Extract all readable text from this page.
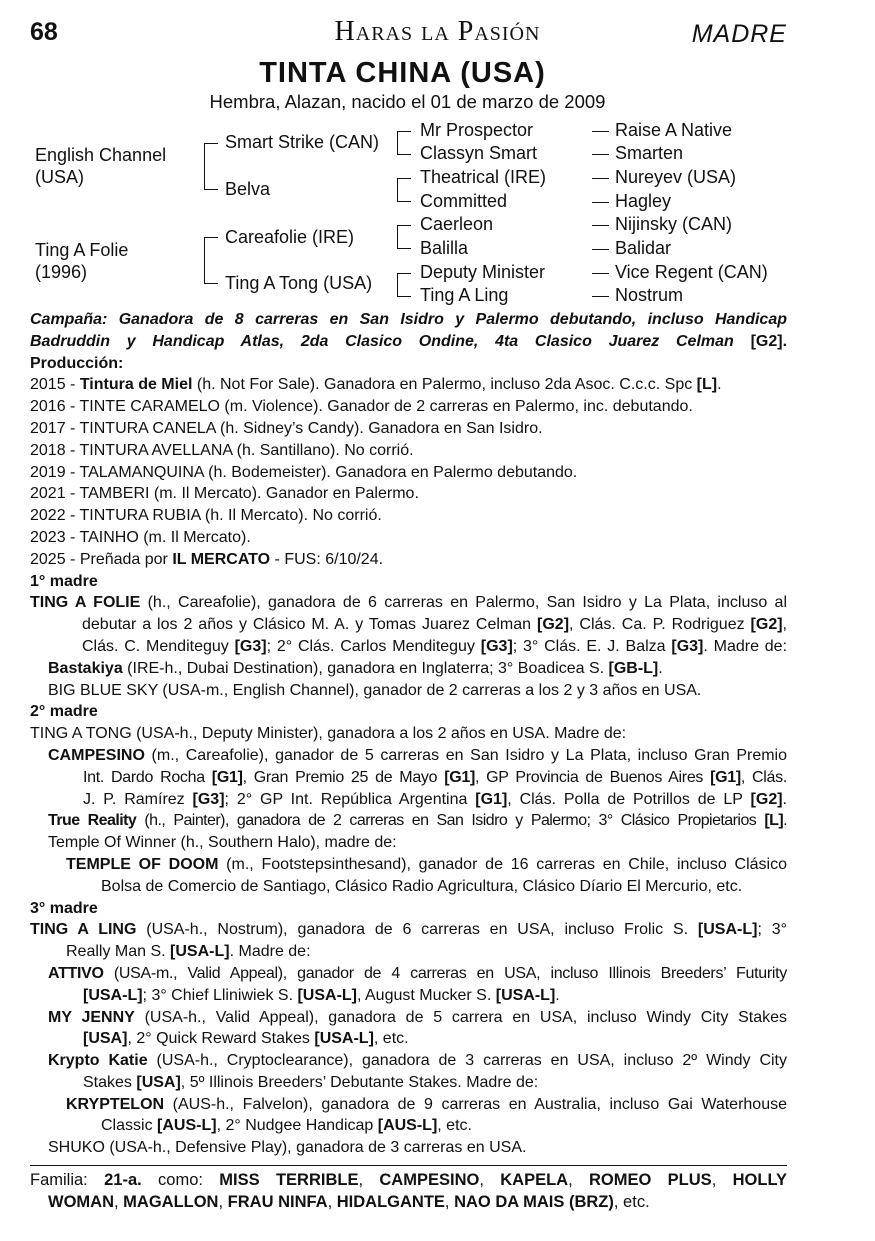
68	Haras la Pasión	MADRE
TINTA CHINA (USA)
Hembra, Alazan, nacido el 01 de marzo de 2009
English Channel
(USA)
Ting A Folie
(1996)
Smart Strike (CAN)
Belva
Careafolie (IRE)
Ting A Tong (USA)
Mr Prospector
Classyn Smart
Theatrical (IRE)
Committed
Caerleon
Balilla
Deputy Minister
Ting A Ling
Raise A Native
Smarten
Nureyev (USA)
Hagley
Nijinsky (CAN)
Balidar
Vice Regent (CAN)
Nostrum
Campaña: Ganadora de 8 carreras en San Isidro y Palermo debutando, incluso Handicap
Badruddin y Handicap Atlas, 2da Clasico Ondine, 4ta Clasico Juarez Celman [G2].
Producción:
2015 - Tintura de Miel (h. Not For Sale). Ganadora en Palermo, incluso 2da Asoc. C.c.c. Spc [L].
2016 - TINTE CARAMELO (m. Violence). Ganador de 2 carreras en Palermo, inc. debutando.
2017 - TINTURA CANELA (h. Sidney’s Candy). Ganadora en San Isidro.
2018 - TINTURA AVELLANA (h. Santillano). No corrió.
2019 - TALAMANQUINA (h. Bodemeister). Ganadora en Palermo debutando.
2021 - TAMBERI (m. Il Mercato). Ganador en Palermo.
2022 - TINTURA RUBIA (h. Il Mercato). No corrió.
2023 - TAINHO (m. Il Mercato).
2025 - Preñada por IL MERCATO - FUS: 6/10/24.
1° madre
TING A FOLIE (h., Careafolie), ganadora de 6 carreras en Palermo, San Isidro y La Plata, incluso al
debutar a los 2 años y Clásico M. A. y Tomas Juarez Celman [G2], Clás. Ca. P. Rodriguez [G2],
Clás. C. Menditeguy [G3]; 2° Clás. Carlos Menditeguy [G3]; 3° Clás. E. J. Balza [G3]. Madre de:
Bastakiya (IRE-h., Dubai Destination), ganadora en Inglaterra; 3° Boadicea S. [GB-L].
BIG BLUE SKY (USA-m., English Channel), ganador de 2 carreras a los 2 y 3 años en USA.
2° madre
TING A TONG (USA-h., Deputy Minister), ganadora a los 2 años en USA. Madre de:
CAMPESINO (m., Careafolie), ganador de 5 carreras en San Isidro y La Plata, incluso Gran Premio
Int. Dardo Rocha [G1], Gran Premio 25 de Mayo [G1], GP Provincia de Buenos Aires [G1], Clás.
J. P. Ramírez [G3]; 2° GP Int. República Argentina [G1], Clás. Polla de Potrillos de LP [G2].
True Reality (h., Painter), ganadora de 2 carreras en San Isidro y Palermo; 3° Clásico Propietarios [L].
Temple Of Winner (h., Southern Halo), madre de:
TEMPLE OF DOOM (m., Footstepsinthesand), ganador de 16 carreras en Chile, incluso Clásico
Bolsa de Comercio de Santiago, Clásico Radio Agricultura, Clásico Díario El Mercurio, etc.
3° madre
TING A LING (USA-h., Nostrum), ganadora de 6 carreras en USA, incluso Frolic S. [USA-L]; 3°
Really Man S. [USA-L]. Madre de:
ATTIVO (USA-m., Valid Appeal), ganador de 4 carreras en USA, incluso Illinois Breeders’ Futurity
[USA-L]; 3° Chief Lliniwiek S. [USA-L], August Mucker S. [USA-L].
MY JENNY (USA-h., Valid Appeal), ganadora de 5 carrera en USA, incluso Windy City Stakes
[USA], 2° Quick Reward Stakes [USA-L], etc.
Krypto Katie (USA-h., Cryptoclearance), ganadora de 3 carreras en USA, incluso 2º Windy City
Stakes [USA], 5º Illinois Breeders’ Debutante Stakes. Madre de:
KRYPTELON (AUS-h., Falvelon), ganadora de 9 carreras en Australia, incluso Gai Waterhouse
Classic [AUS-L], 2° Nudgee Handicap [AUS-L], etc.
SHUKO (USA-h., Defensive Play), ganadora de 3 carreras en USA.
Familia: 21-a. como: MISS TERRIBLE, CAMPESINO, KAPELA, ROMEO PLUS, HOLLY
WOMAN, MAGALLON, FRAU NINFA, HIDALGANTE, NAO DA MAIS (BRZ), etc.
